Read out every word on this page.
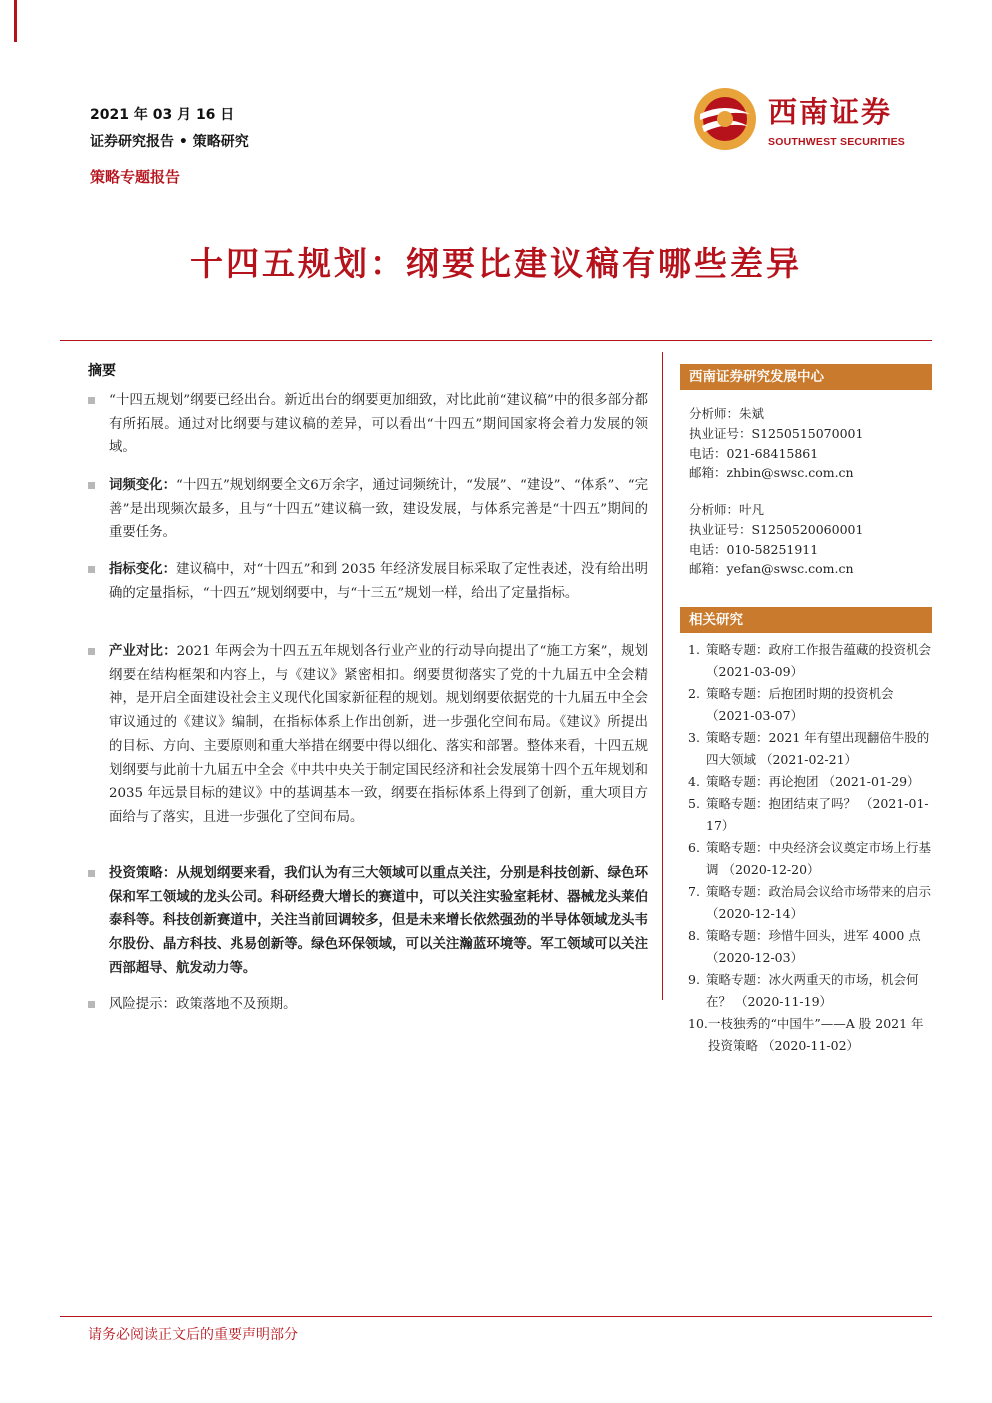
2021 年 03 月 16 日
证券研究报告 • 策略研究
策略专题报告
西南证券
SOUTHWEST SECURITIES
十四五规划：纲要比建议稿有哪些差异
摘要
“十四五规划”纲要已经出台。新近出台的纲要更加细致，对比此前“建议稿”中的很多部分都有所拓展。通过对比纲要与建议稿的差异，可以看出“十四五”期间国家将会着力发展的领域。
词频变化：“十四五”规划纲要全文6万余字，通过词频统计，“发展”、“建设”、“体系”、“完善”是出现频次最多，且与“十四五”建议稿一致，建设发展，与体系完善是“十四五”期间的重要任务。
指标变化：建议稿中，对“十四五”和到 2035 年经济发展目标采取了定性表述，没有给出明确的定量指标，“十四五”规划纲要中，与“十三五”规划一样，给出了定量指标。
产业对比：2021 年两会为十四五五年规划各行业产业的行动导向提出了“施工方案”，规划纲要在结构框架和内容上，与《建议》紧密相扣。纲要贯彻落实了党的十九届五中全会精神，是开启全面建设社会主义现代化国家新征程的规划。规划纲要依据党的十九届五中全会审议通过的《建议》编制，在指标体系上作出创新，进一步强化空间布局。《建议》所提出的目标、方向、主要原则和重大举措在纲要中得以细化、落实和部署。整体来看，十四五规划纲要与此前十九届五中全会《中共中央关于制定国民经济和社会发展第十四个五年规划和2035 年远景目标的建议》中的基调基本一致，纲要在指标体系上得到了创新，重大项目方面给与了落实，且进一步强化了空间布局。
投资策略：从规划纲要来看，我们认为有三大领域可以重点关注，分别是科技创新、绿色环保和军工领域的龙头公司。科研经费大增长的赛道中，可以关注实验室耗材、器械龙头莱伯泰科等。科技创新赛道中，关注当前回调较多，但是未来增长依然强劲的半导体领域龙头韦尔股份、晶方科技、兆易创新等。绿色环保领域，可以关注瀚蓝环境等。军工领域可以关注西部超导、航发动力等。
风险提示：政策落地不及预期。
西南证券研究发展中心
分析师：朱斌
执业证号：S1250515070001
电话：021-68415861
邮箱：zhbin@swsc.com.cn
分析师：叶凡
执业证号：S1250520060001
电话：010-58251911
邮箱：yefan@swsc.com.cn
相关研究
1. 策略专题：政府工作报告蕴藏的投资机会 （2021-03-09）
2. 策略专题：后抱团时期的投资机会 （2021-03-07）
3. 策略专题：2021 年有望出现翻倍牛股的四大领域 （2021-02-21）
4. 策略专题：再论抱团 （2021-01-29）
5. 策略专题：抱团结束了吗？ （2021-01-17）
6. 策略专题：中央经济会议奠定市场上行基调 （2020-12-20）
7. 策略专题：政治局会议给市场带来的启示 （2020-12-14）
8. 策略专题：珍惜牛回头，进军 4000 点 （2020-12-03）
9. 策略专题：冰火两重天的市场，机会何在？ （2020-11-19）
10. 一枝独秀的“中国牛”——A 股 2021 年投资策略 （2020-11-02）
请务必阅读正文后的重要声明部分
